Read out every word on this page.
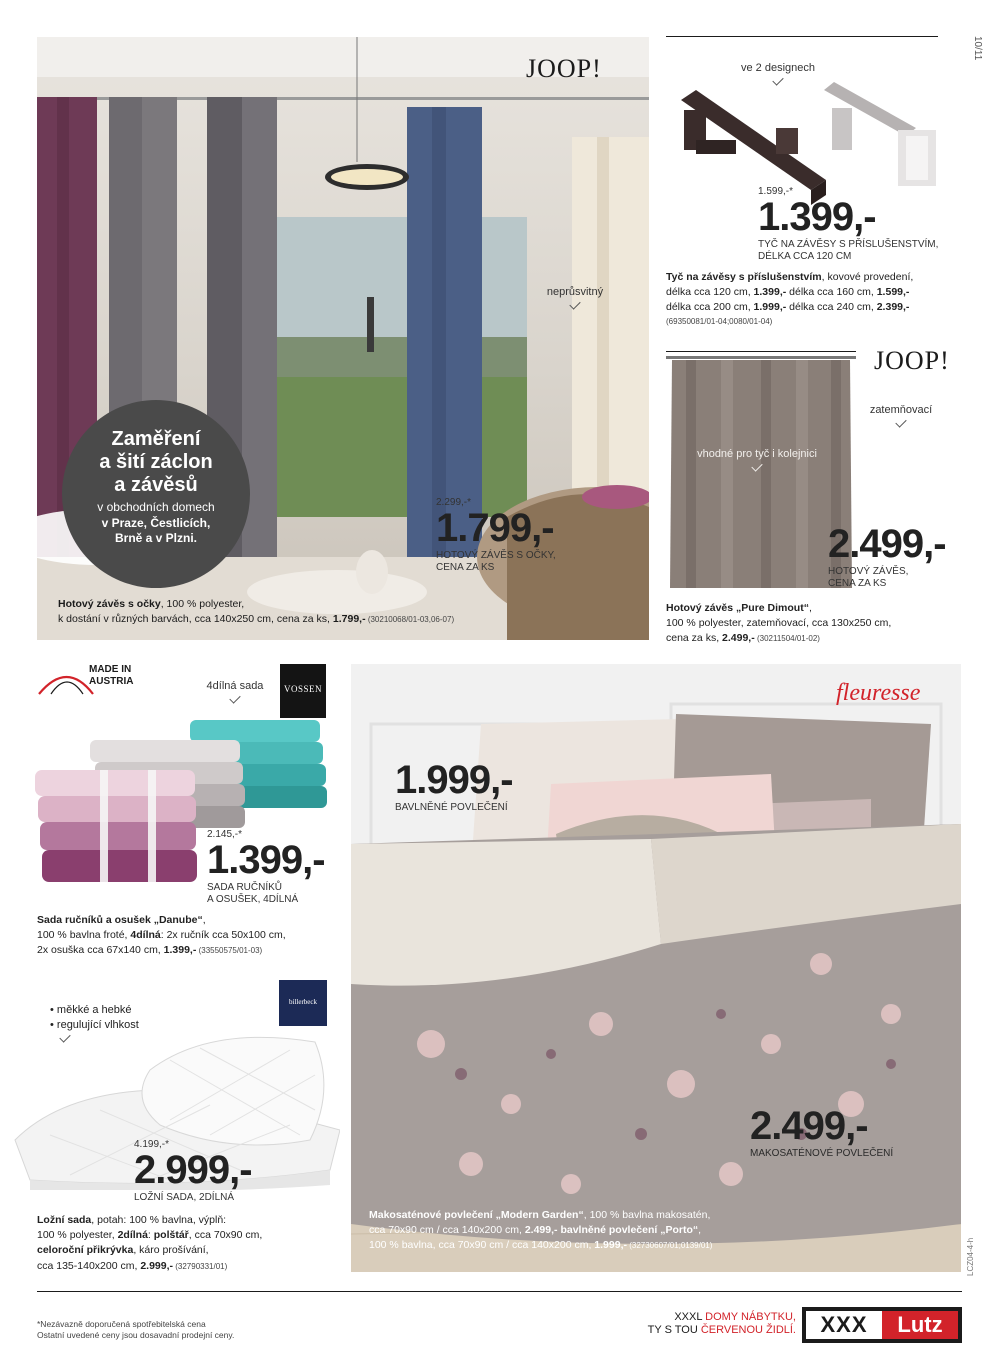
10/11
JOOP!
neprůsvitný
Zaměření
a šití záclon
a závěsů
v obchodních domech
v Praze, Čestlicích,
Brně a v Plzni.
2.299,-*
1.799,-
HOTOVÝ ZÁVĚS S OČKY, CENA ZA KS
Hotový závěs s očky, 100 % polyester,
k dostání v různých barvách, cca 140x250 cm, cena za ks, 1.799,- (30210068/01-03,06-07)
ve 2 designech
1.599,-*
1.399,-
TYČ NA ZÁVĚSY S PŘÍSLUŠENSTVÍM,
DÉLKA CCA 120 CM
Tyč na závěsy s příslušenstvím, kovové provedení,
délka cca 120 cm, 1.399,- délka cca 160 cm, 1.599,-
délka cca 200 cm, 1.999,- délka cca 240 cm, 2.399,-
(69350081/01-04;0080/01-04)
JOOP!
zatemňovací
vhodné pro tyč i kolejnici
2.499,-
HOTOVÝ ZÁVĚS,
CENA ZA KS
Hotový závěs „Pure Dimout“,
100 % polyester, zatemňovací, cca 130x250 cm,
cena za ks, 2.499,- (30211504/01-02)
MADE IN AUSTRIA	4dílná sada	VOSSEN
2.145,-*
1.399,-
SADA RUČNÍKŮ
A OSUŠEK, 4DÍLNÁ
Sada ručníků a osušek „Danube“,
100 % bavlna froté, 4dílná: 2x ručník cca 50x100 cm,
2x osuška cca 67x140 cm, 1.399,- (33550575/01-03)
• měkké a hebké
• regulující vlhkost
billerbeck
4.199,-*
2.999,-
LOŽNÍ SADA, 2DÍLNÁ
Ložní sada, potah: 100 % bavlna, výplň:
100 % polyester, 2dílná: polštář, cca 70x90 cm,
celoroční přikrývka, káro prošívání,
cca 135-140x200 cm, 2.999,- (32790331/01)
fleuresse
1.999,-
BAVLNĚNÉ POVLEČENÍ
2.499,-
MAKOSATÉNOVÉ POVLEČENÍ
Makosaténové povlečení „Modern Garden“, 100 % bavlna makosatén,
cca 70x90 cm / cca 140x200 cm, 2.499,- bavlněné povlečení „Porto“,
100 % bavlna, cca 70x90 cm / cca 140x200 cm, 1.999,- (32730607/01;0139/01)	LCZ04-4-h
*Nezávazně doporučená spotřebitelská cena
Ostatní uvedené ceny jsou dosavadní prodejní ceny.
XXXL DOMY NÁBYTKU,
TY S TOU ČERVENOU ŽIDLÍ.	XXX	Lutz
